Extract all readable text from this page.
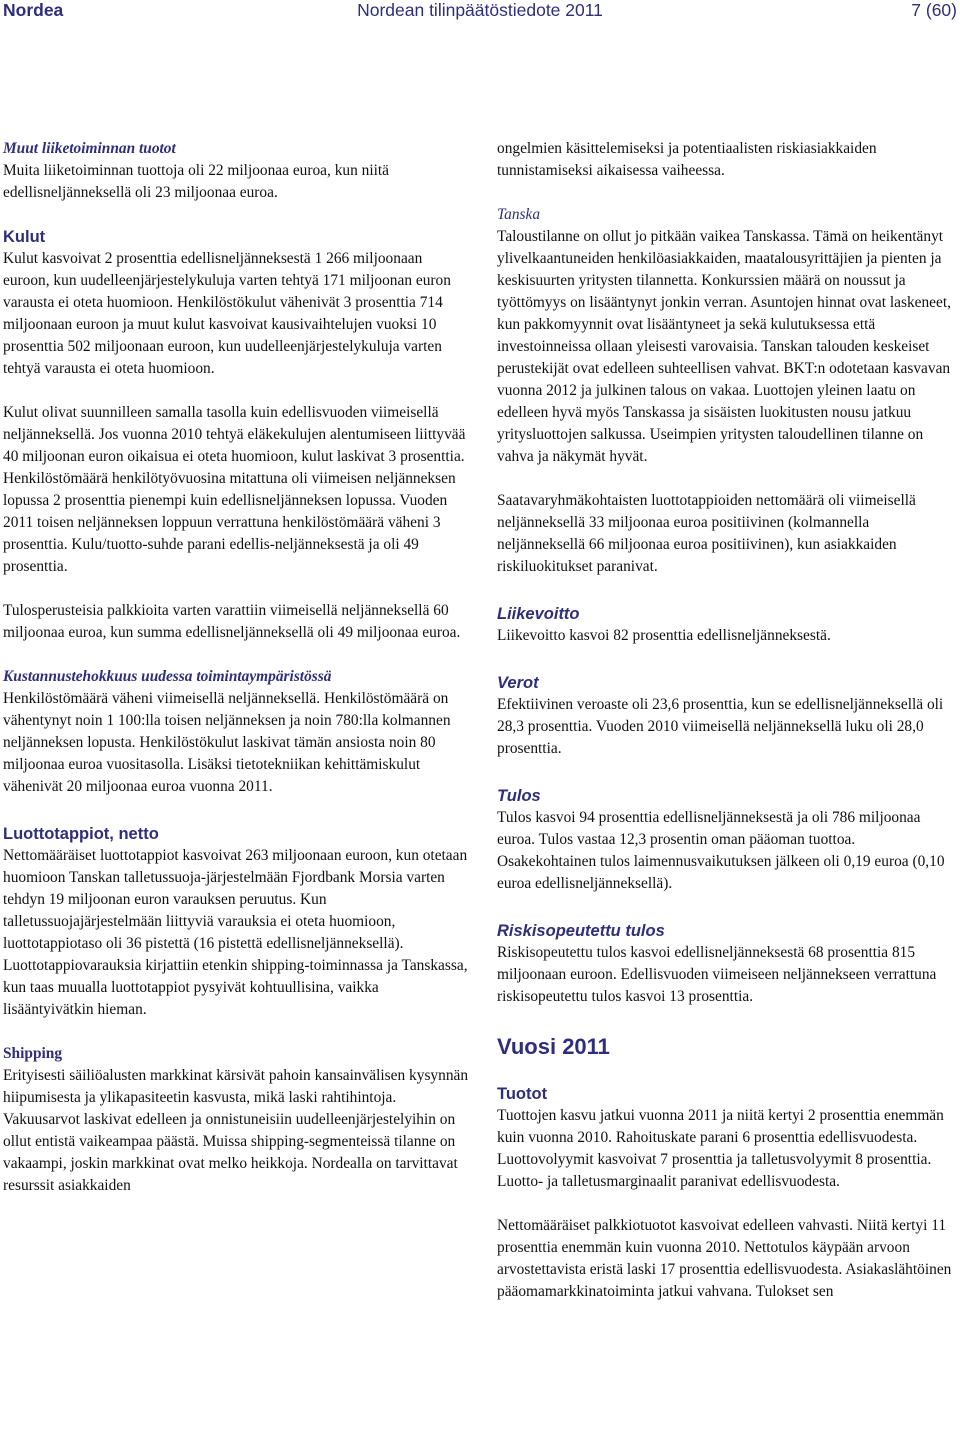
Nordea	Nordean tilinpäätöstiedote 2011	7 (60)

Muut liiketoiminnan tuotot

Muita liiketoiminnan tuottoja oli 22 miljoonaa euroa, kun niitä edellisneljänneksellä oli 23 miljoonaa euroa.

Kulut

Kulut kasvoivat 2 prosenttia edellisneljänneksestä 1 266 miljoonaan euroon, kun uudelleenjärjestelykuluja varten tehtyä 171 miljoonan euron varausta ei oteta huomioon. Henkilöstökulut vähenivät 3 prosenttia 714 miljoonaan euroon ja muut kulut kasvoivat kausivaihtelujen vuoksi 10 prosenttia 502 miljoonaan euroon, kun uudelleenjärjestelykuluja varten tehtyä varausta ei oteta huomioon.

Kulut olivat suunnilleen samalla tasolla kuin edellisvuoden viimeisellä neljänneksellä. Jos vuonna 2010 tehtyä eläkekulujen alentumiseen liittyvää 40 miljoonan euron oikaisua ei oteta huomioon, kulut laskivat 3 prosenttia. Henkilöstömäärä henkilötyövuosina mitattuna oli viimeisen neljänneksen lopussa 2 prosenttia pienempi kuin edellisneljänneksen lopussa. Vuoden 2011 toisen neljänneksen loppuun verrattuna henkilöstömäärä väheni 3 prosenttia. Kulu/tuotto-suhde parani edellis-neljänneksestä ja oli 49 prosenttia.

Tulosperusteisia palkkioita varten varattiin viimeisellä neljänneksellä 60 miljoonaa euroa, kun summa edellisneljänneksellä oli 49 miljoonaa euroa.

Kustannustehokkuus uudessa toimintaympäristössä

Henkilöstömäärä väheni viimeisellä neljänneksellä. Henkilöstömäärä on vähentynyt noin 1 100:lla toisen neljänneksen ja noin 780:lla kolmannen neljänneksen lopusta. Henkilöstökulut laskivat tämän ansiosta noin 80 miljoonaa euroa vuositasolla. Lisäksi tietotekniikan kehittämiskulut vähenivät 20 miljoonaa euroa vuonna 2011.

Luottotappiot, netto

Nettomääräiset luottotappiot kasvoivat 263 miljoonaan euroon, kun otetaan huomioon Tanskan talletussuoja-järjestelmään Fjordbank Morsia varten tehdyn 19 miljoonan euron varauksen peruutus. Kun talletussuojajärjestelmään liittyviä varauksia ei oteta huomioon, luottotappiotaso oli 36 pistettä (16 pistettä edellisneljänneksellä). Luottotappiovarauksia kirjattiin etenkin shipping-toiminnassa ja Tanskassa, kun taas muualla luottotappiot pysyivät kohtuullisina, vaikka lisääntyivätkin hieman.

Shipping

Erityisesti säiliöalusten markkinat kärsivät pahoin kansainvälisen kysynnän hiipumisesta ja ylikapasiteetin kasvusta, mikä laski rahtihintoja. Vakuusarvot laskivat edelleen ja onnistuneisiin uudelleenjärjestelyihin on ollut entistä vaikeampaa päästä. Muissa shipping-segmenteissä tilanne on vakaampi, joskin markkinat ovat melko heikkoja. Nordealla on tarvittavat resurssit asiakkaiden

ongelmien käsittelemiseksi ja potentiaalisten riskiasiakkaiden tunnistamiseksi aikaisessa vaiheessa.

Tanska

Taloustilanne on ollut jo pitkään vaikea Tanskassa. Tämä on heikentänyt ylivelkaantuneiden henkilöasiakkaiden, maatalousyrittäjien ja pienten ja keskisuurten yritysten tilannetta. Konkurssien määrä on noussut ja työttömyys on lisääntynyt jonkin verran. Asuntojen hinnat ovat laskeneet, kun pakkomyynnit ovat lisääntyneet ja sekä kulutuksessa että investoinneissa ollaan yleisesti varovaisia. Tanskan talouden keskeiset perustekijät ovat edelleen suhteellisen vahvat. BKT:n odotetaan kasvavan vuonna 2012 ja julkinen talous on vakaa. Luottojen yleinen laatu on edelleen hyvä myös Tanskassa ja sisäisten luokitusten nousu jatkuu yritysluottojen salkussa. Useimpien yritysten taloudellinen tilanne on vahva ja näkymät hyvät.

Saatavaryhmäkohtaisten luottotappioiden nettomäärä oli viimeisellä neljänneksellä 33 miljoonaa euroa positiivinen (kolmannella neljänneksellä 66 miljoonaa euroa positiivinen), kun asiakkaiden riskiluokitukset paranivat.

Liikevoitto

Liikevoitto kasvoi 82 prosenttia edellisneljänneksestä.

Verot

Efektiivinen veroaste oli 23,6 prosenttia, kun se edellisneljänneksellä oli 28,3 prosenttia. Vuoden 2010 viimeisellä neljänneksellä luku oli 28,0 prosenttia.

Tulos

Tulos kasvoi 94 prosenttia edellisneljänneksestä ja oli 786 miljoonaa euroa. Tulos vastaa 12,3 prosentin oman pääoman tuottoa. Osakekohtainen tulos laimennusvaikutuksen jälkeen oli 0,19 euroa (0,10 euroa edellisneljänneksellä).

Riskisopeutettu tulos

Riskisopeutettu tulos kasvoi edellisneljänneksestä 68 prosenttia 815 miljoonaan euroon. Edellisvuoden viimeiseen neljännekseen verrattuna riskisopeutettu tulos kasvoi 13 prosenttia.

Vuosi 2011

Tuotot

Tuottojen kasvu jatkui vuonna 2011 ja niitä kertyi 2 prosenttia enemmän kuin vuonna 2010. Rahoituskate parani 6 prosenttia edellisvuodesta. Luottovolyymit kasvoivat 7 prosenttia ja talletusvolyymit 8 prosenttia. Luotto- ja talletusmarginaalit paranivat edellisvuodesta.

Nettomääräiset palkkiotuotot kasvoivat edelleen vahvasti. Niitä kertyi 11 prosenttia enemmän kuin vuonna 2010. Nettotulos käypään arvoon arvostettavista eristä laski 17 prosenttia edellisvuodesta. Asiakaslähtöinen pääomamarkkinatoiminta jatkui vahvana. Tulokset sen
